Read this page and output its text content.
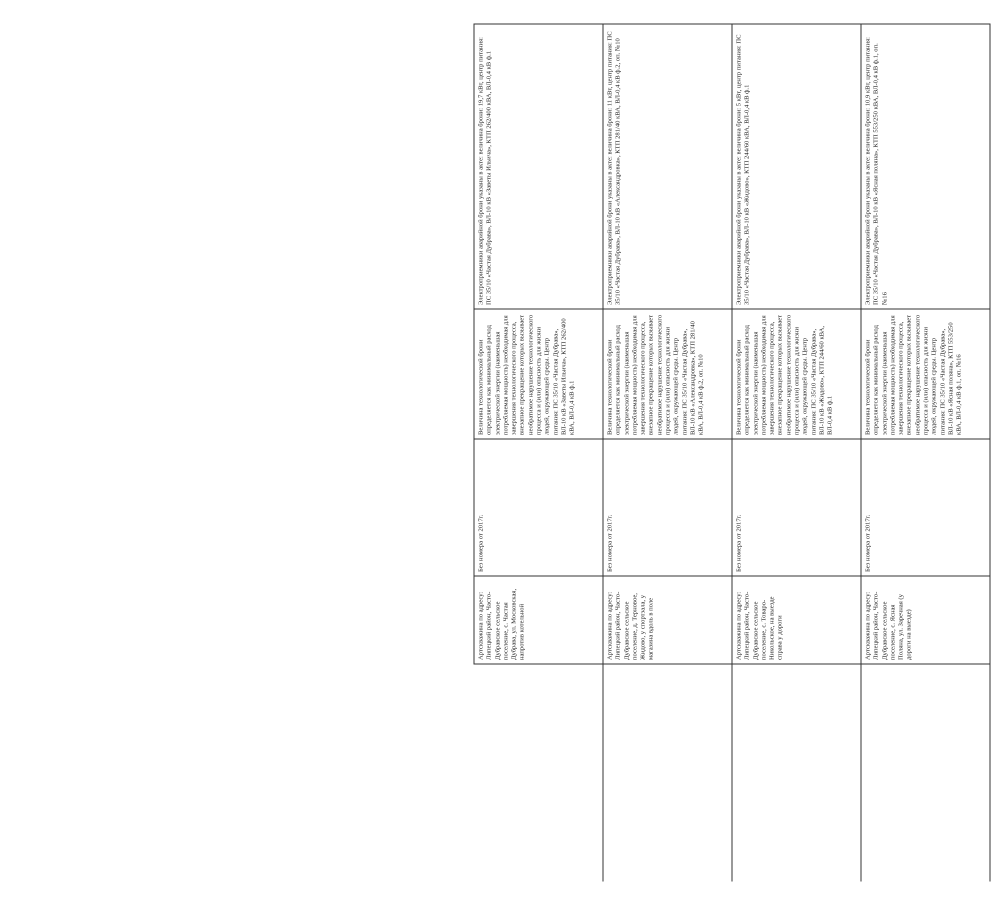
		Артскважина по адресу: Липецкий район, Частo-Дубравское сельское поселение, с. Частая Дубрава, ул. Московская, напротив котельной	Без номера от 2017г.	Величина технологической брони определяется как минимальный расход электрической энергии (наименьшая потребляемая мощность) необходимая для завершения технологического процесса, внезапное прекращение которых вызывает необратимое нарушение технологического процесса и (или) опасность для жизни людей, окружающей среды. Центр питания: ПС 35/10 «Частая Дубрава», ВЛ-10 кВ «Заветы Ильича», КТП 262/400 кВА, ВЛ-0,4 кВ ф.1	Электроприемники аварийной брони указаны в акте: величина брони: 19,7 кВт, центр питания: ПС 35/10 «Частая Дубрава», ВЛ-10 кВ «Заветы Ильича», КТП 262/400 кВА, ВЛ-0,4 кВ ф.1
		Артскважина по адресу: Липецкий район, Частo-Дубравское сельское поселение, д. Терновое, Жидово, у спортзала, у магазина вдоль в поле	Без номера от 2017г.	Величина технологической брони определяется как минимальный расход электрической энергии (наименьшая потребляемая мощность) необходимая для завершения технологического процесса, внезапное прекращение которых вызывает необратимое нарушение технологического процесса и (или) опасность для жизни людей, окружающей среды. Центр питания: ПС 35/10 «Частая Дубрава», ВЛ-10 кВ «Александровка», КТП 281/40 кВА, ВЛ-0,4 кВ ф.2, оп. №10	Электроприемники аварийной брони указаны в акте: величина брони: 11 кВт, центр питания: ПС 35/10 «Частая Дубрава», ВЛ-10 кВ «Александровка», КТП 281/40 кВА, ВЛ-0,4 кВ ф.2, оп. №10
		Артскважина по адресу: Липецкий район, Частo-Дубравское сельское поселение, с. Товаро-Никольское, на выезде справа у дороги	Без номера от 2017г.	Величина технологической брони определяется как минимальный расход электрической энергии (наименьшая потребляемая мощность) необходимая для завершения технологического процесса, внезапное прекращение которых вызывает необратимое нарушение технологического процесса и (или) опасность для жизни людей, окружающей среды. Центр питания: ПС 35/10 «Частая Дубрава», ВЛ-10 кВ «Жидово», КТП 244/60 кВА, ВЛ-0,4 кВ ф.1	Электроприемники аварийной брони указаны в акте: величина брони: 5 кВт, центр питания: ПС 35/10 «Частая Дубрава», ВЛ-10 кВ «Жидово», КТП 244/60 кВА, ВЛ-0,4 кВ ф.1
		Артскважина по адресу: Липецкий район, Частo-Дубравское сельское поселение, с. Ясная Поляна, ул. Заречная (у дороги на выезде)	Без номера от 2017г.	Величина технологической брони определяется как минимальный расход электрической энергии (наименьшая потребляемая мощность) необходимая для завершения технологического процесса, внезапное прекращение которых вызывает необратимое нарушение технологического процесса и (или) опасность для жизни людей, окружающей среды. Центр питания: ПС 35/10 «Частая Дубрава», ВЛ-10 кВ «Ясная поляна», КТП 553/250 кВА, ВЛ-0,4 кВ ф.1, оп. №16	Электроприемники аварийной брони указаны в акте: величина брони: 10,9 кВт, центр питания: ПС 35/10 «Частая Дубрава», ВЛ-10 кВ «Ясная поляна», КТП 553/250 кВА, ВЛ-0,4 кВ ф.1, оп. №16
